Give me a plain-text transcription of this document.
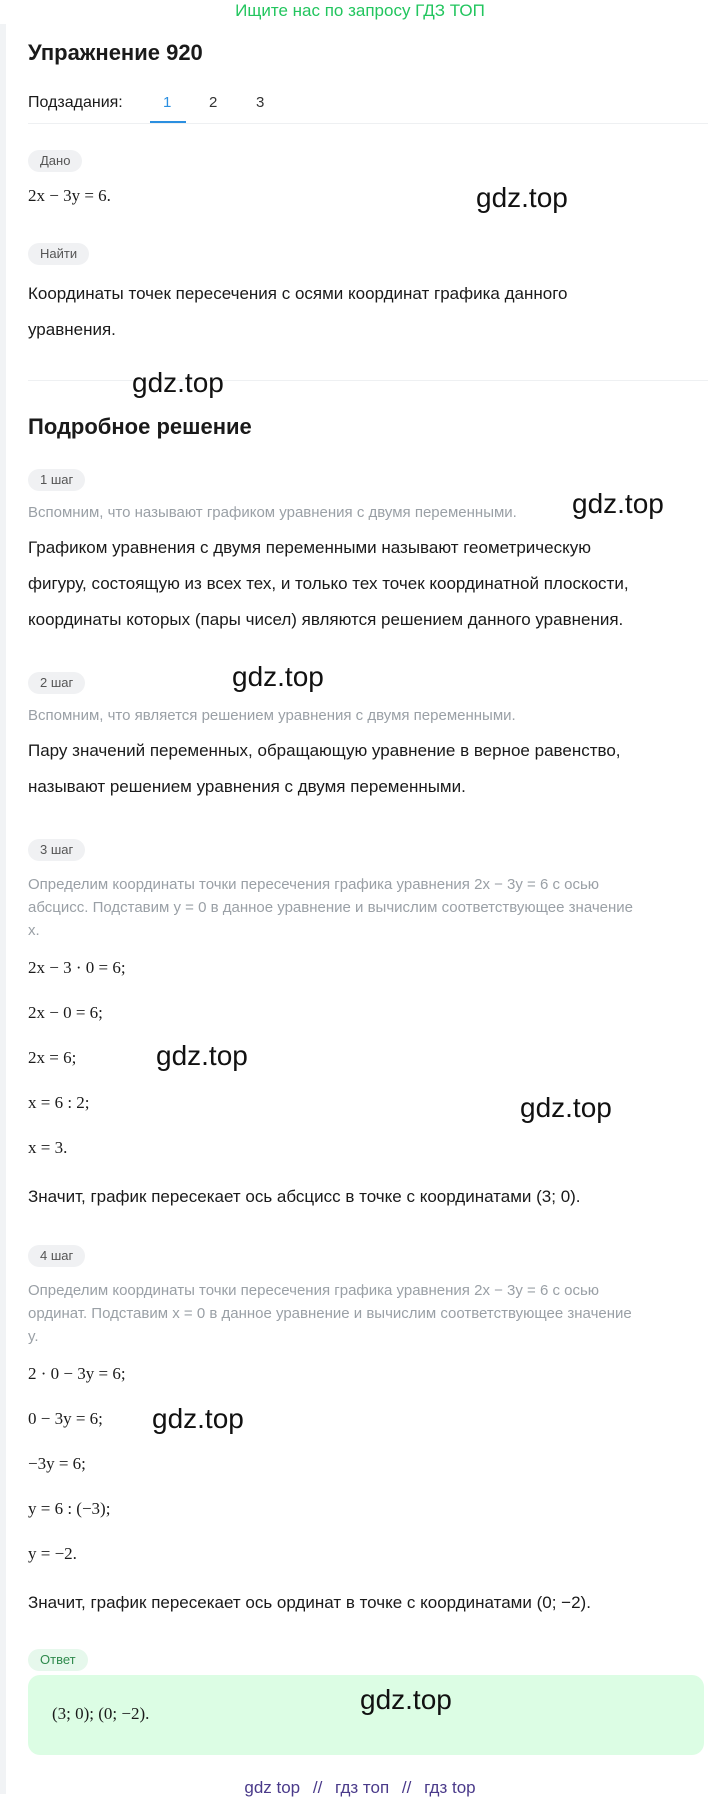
Ищите нас по запросу ГДЗ ТОП
Упражнение 920
Подзадания:	1	2	3
Дано
2x − 3y = 6.
Найти
Координаты точек пересечения с осями координат графика данного
уравнения.
Подробное решение
1 шаг
Вспомним, что называют графиком уравнения с двумя переменными.
Графиком уравнения с двумя переменными называют геометрическую
фигуру, состоящую из всех тех, и только тех точек координатной плоскости,
координаты которых (пары чисел) являются решением данного уравнения.
2 шаг
Вспомним, что является решением уравнения с двумя переменными.
Пару значений переменных, обращающую уравнение в верное равенство,
называют решением уравнения с двумя переменными.
3 шаг
Определим координаты точки пересечения графика уравнения 2x − 3y = 6 с осью
абсцисс. Подставим y = 0 в данное уравнение и вычислим соответствующее значение
x.
2x − 3 · 0 = 6;
2x − 0 = 6;
2x = 6;
x = 6 : 2;
x = 3.
Значит, график пересекает ось абсцисс в точке с координатами (3; 0).
4 шаг
Определим координаты точки пересечения графика уравнения 2x − 3y = 6 с осью
ординат. Подставим x = 0 в данное уравнение и вычислим соответствующее значение
y.
2 · 0 − 3y = 6;
0 − 3y = 6;
−3y = 6;
y = 6 : (−3);
y = −2.
Значит, график пересекает ось ординат в точке с координатами (0; −2).
Ответ
(3; 0); (0; −2).
gdz.top
gdz.top
gdz.top
gdz.top
gdz.top
gdz.top
gdz.top
gdz.top
gdz top // гдз топ // гдз top
